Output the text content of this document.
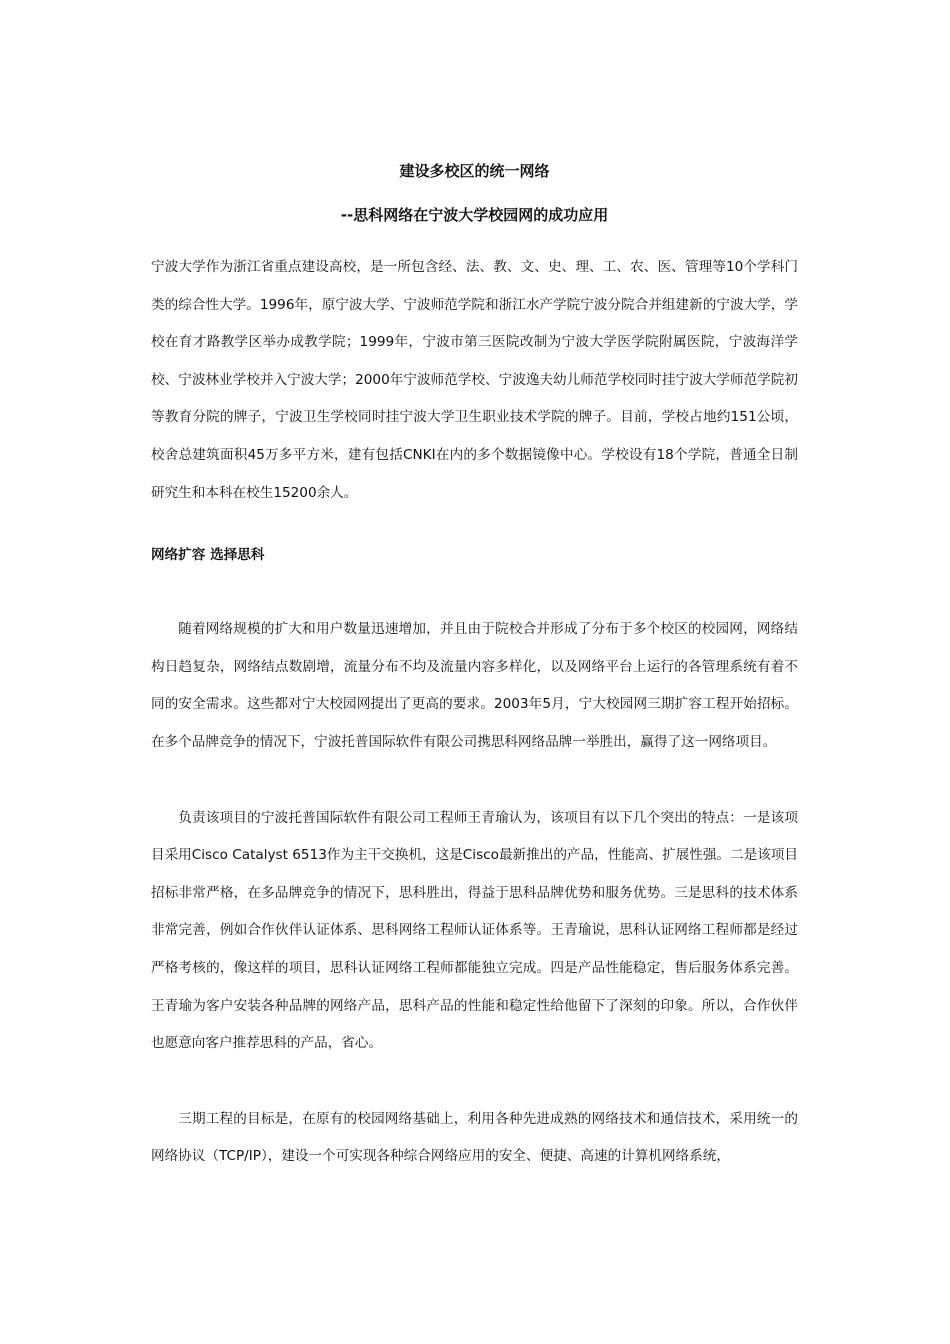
建设多校区的统一网络
--思科网络在宁波大学校园网的成功应用

宁波大学作为浙江省重点建设高校，是一所包含经、法、教、文、史、理、工、农、医、管理等10个学科门类的综合性大学。1996年，原宁波大学、宁波师范学院和浙江水产学院宁波分院合并组建新的宁波大学，学校在育才路教学区举办成教学院；1999年，宁波市第三医院改制为宁波大学医学院附属医院，宁波海洋学校、宁波林业学校并入宁波大学；2000年宁波师范学校、宁波逸夫幼儿师范学校同时挂宁波大学师范学院初等教育分院的牌子，宁波卫生学校同时挂宁波大学卫生职业技术学院的牌子。目前，学校占地约151公顷，校舍总建筑面积45万多平方米，建有包括CNKI在内的多个数据镜像中心。学校设有18个学院，普通全日制研究生和本科在校生15200余人。

网络扩容 选择思科

随着网络规模的扩大和用户数量迅速增加，并且由于院校合并形成了分布于多个校区的校园网，网络结构日趋复杂，网络结点数剧增，流量分布不均及流量内容多样化，以及网络平台上运行的各管理系统有着不同的安全需求。这些都对宁大校园网提出了更高的要求。2003年5月，宁大校园网三期扩容工程开始招标。在多个品牌竞争的情况下，宁波托普国际软件有限公司携思科网络品牌一举胜出，赢得了这一网络项目。

负责该项目的宁波托普国际软件有限公司工程师王青瑜认为，该项目有以下几个突出的特点：一是该项目采用Cisco Catalyst 6513作为主干交换机，这是Cisco最新推出的产品，性能高、扩展性强。二是该项目招标非常严格，在多品牌竞争的情况下，思科胜出，得益于思科品牌优势和服务优势。三是思科的技术体系非常完善，例如合作伙伴认证体系、思科网络工程师认证体系等。王青瑜说，思科认证网络工程师都是经过严格考核的，像这样的项目，思科认证网络工程师都能独立完成。四是产品性能稳定，售后服务体系完善。王青瑜为客户安装各种品牌的网络产品，思科产品的性能和稳定性给他留下了深刻的印象。所以，合作伙伴也愿意向客户推荐思科的产品，省心。

三期工程的目标是，在原有的校园网络基础上，利用各种先进成熟的网络技术和通信技术，采用统一的网络协议（TCP/IP），建设一个可实现各种综合网络应用的安全、便捷、高速的计算机网络系统，
